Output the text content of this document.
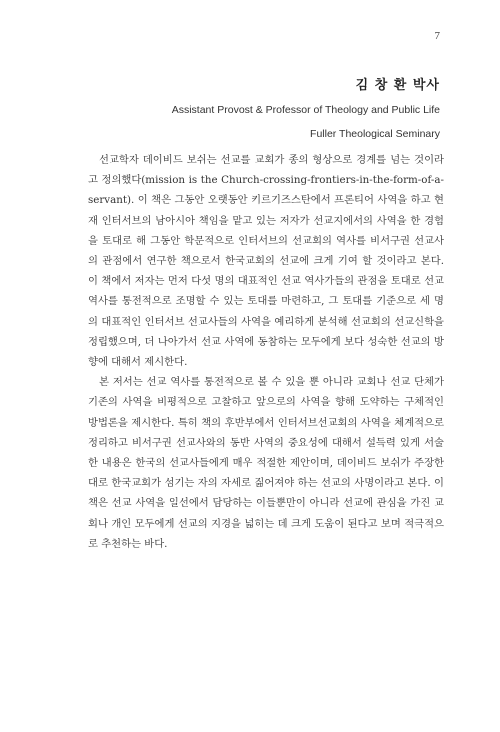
7
김 창 환 박사
Assistant Provost & Professor of Theology and Public Life
Fuller Theological Seminary

선교학자 데이비드 보쉬는 선교를 교회가 종의 형상으로 경계를 넘는 것이라고 정의했다(mission is the Church-crossing-frontiers-in-the-form-of-a-servant). 이 책은 그동안 오랫동안 키르기즈스탄에서 프론티어 사역을 하고 현재 인터서브의 남아시아 책임을 맡고 있는 저자가 선교지에서의 사역을 한 경험을 토대로 해 그동안 학문적으로 인터서브의 선교회의 역사를 비서구권 선교사의 관점에서 연구한 책으로서 한국교회의 선교에 크게 기여 할 것이라고 본다. 이 책에서 저자는 먼저 다섯 명의 대표적인 선교 역사가들의 관점을 토대로 선교 역사를 통전적으로 조명할 수 있는 토대를 마련하고, 그 토대를 기준으로 세 명의 대표적인 인터서브 선교사들의 사역을 예리하게 분석해 선교회의 선교신학을 정립했으며, 더 나아가서 선교 사역에 동참하는 모두에게 보다 성숙한 선교의 방향에 대해서 제시한다.

본 저서는 선교 역사를 통전적으로 볼 수 있을 뿐 아니라 교회나 선교 단체가 기존의 사역을 비평적으로 고찰하고 앞으로의 사역을 향해 도약하는 구체적인 방법론을 제시한다. 특히 책의 후반부에서 인터서브선교회의 사역을 체계적으로 정리하고 비서구권 선교사와의 동반 사역의 중요성에 대해서 설득력 있게 서술한 내용은 한국의 선교사들에게 매우 적절한 제안이며, 데이비드 보쉬가 주장한 대로 한국교회가 섬기는 자의 자세로 짊어져야 하는 선교의 사명이라고 본다. 이 책은 선교 사역을 일선에서 담당하는 이들뿐만이 아니라 선교에 관심을 가진 교회나 개인 모두에게 선교의 지경을 넓히는 데 크게 도움이 된다고 보며 적극적으로 추천하는 바다.
